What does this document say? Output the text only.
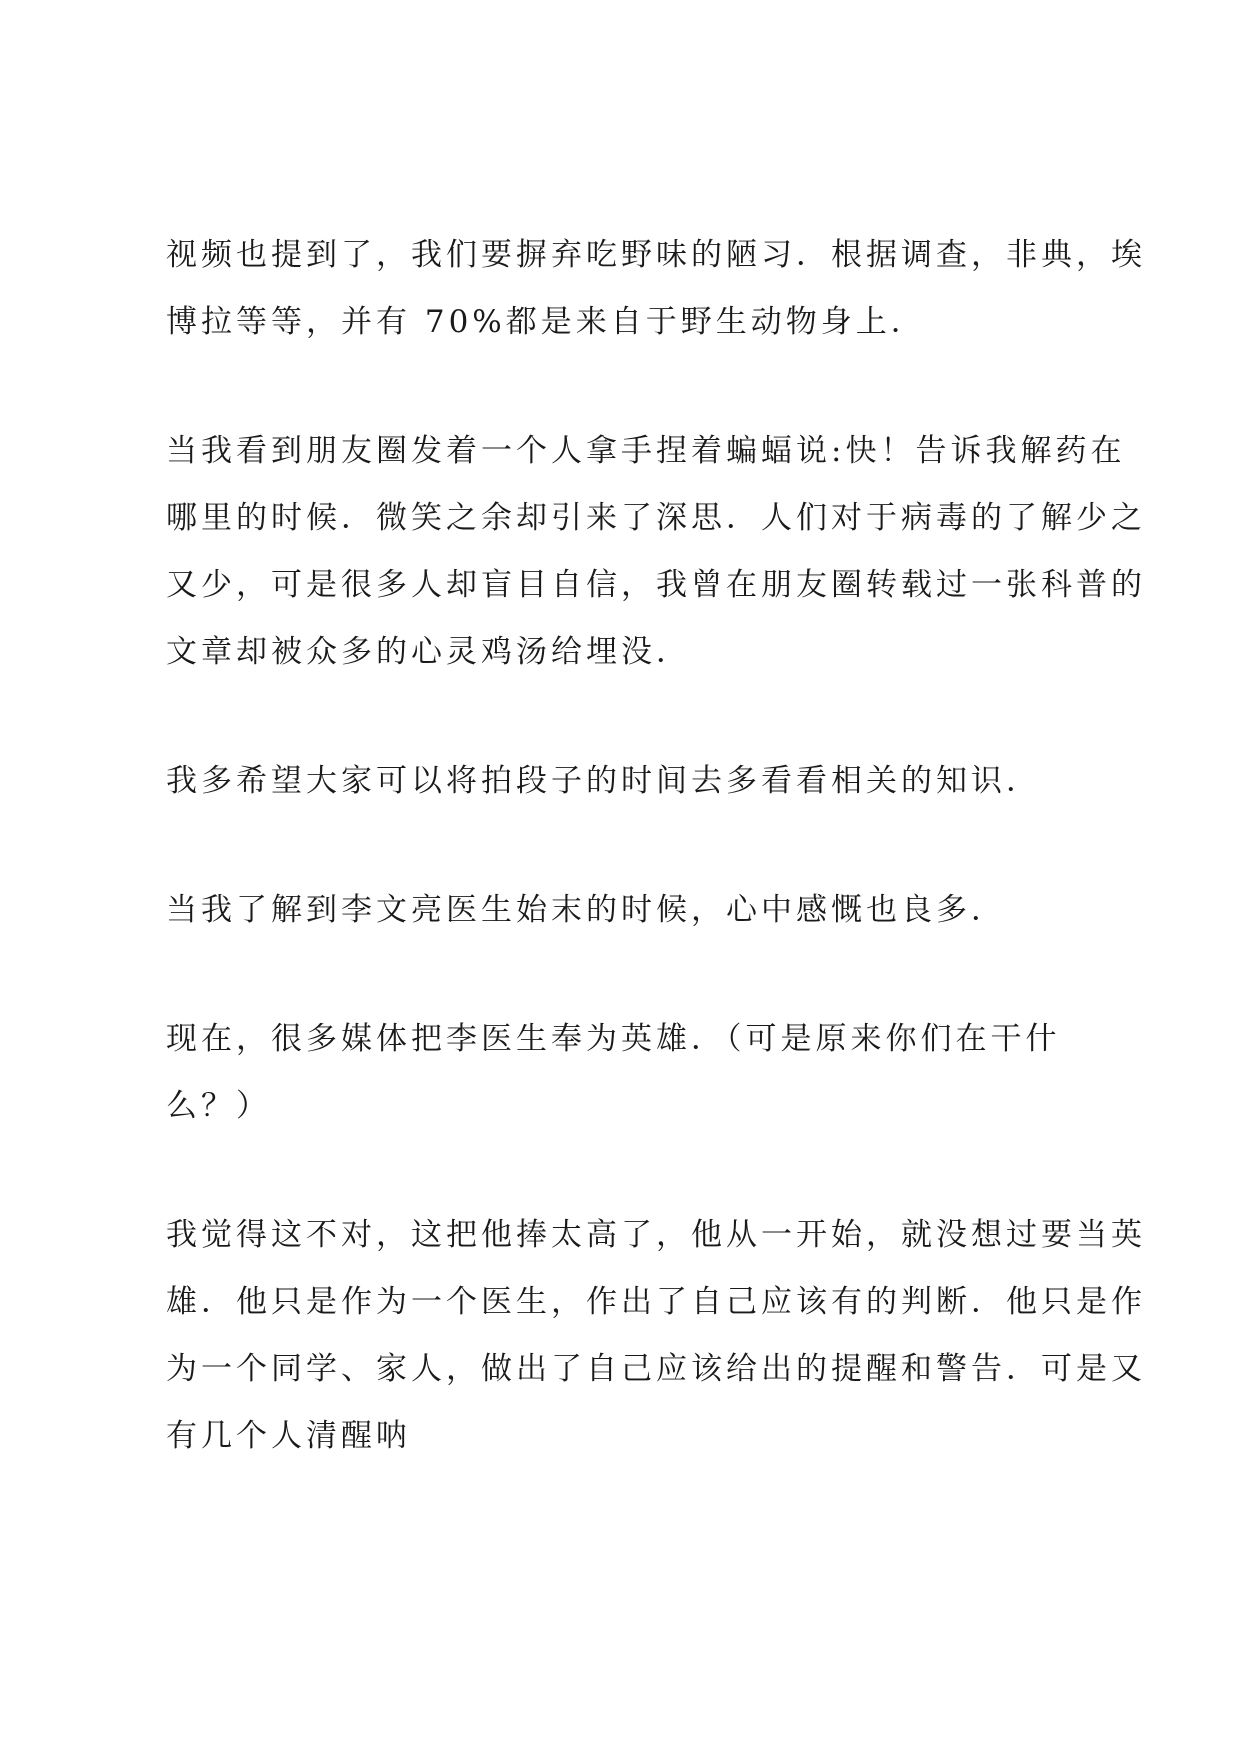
视频也提到了，我们要摒弃吃野味的陋习．根据调查，非典，埃
博拉等等，并有 70%都是来自于野生动物身上．
当我看到朋友圈发着一个人拿手捏着蝙蝠说:快！告诉我解药在
哪里的时候．微笑之余却引来了深思．人们对于病毒的了解少之
又少，可是很多人却盲目自信，我曾在朋友圈转载过一张科普的
文章却被众多的心灵鸡汤给埋没．
我多希望大家可以将拍段子的时间去多看看相关的知识．
当我了解到李文亮医生始末的时候，心中感慨也良多．
现在，很多媒体把李医生奉为英雄．（可是原来你们在干什
么？）
我觉得这不对，这把他捧太高了，他从一开始，就没想过要当英
雄．他只是作为一个医生，作出了自己应该有的判断．他只是作
为一个同学、家人，做出了自己应该给出的提醒和警告．可是又
有几个人清醒呐
